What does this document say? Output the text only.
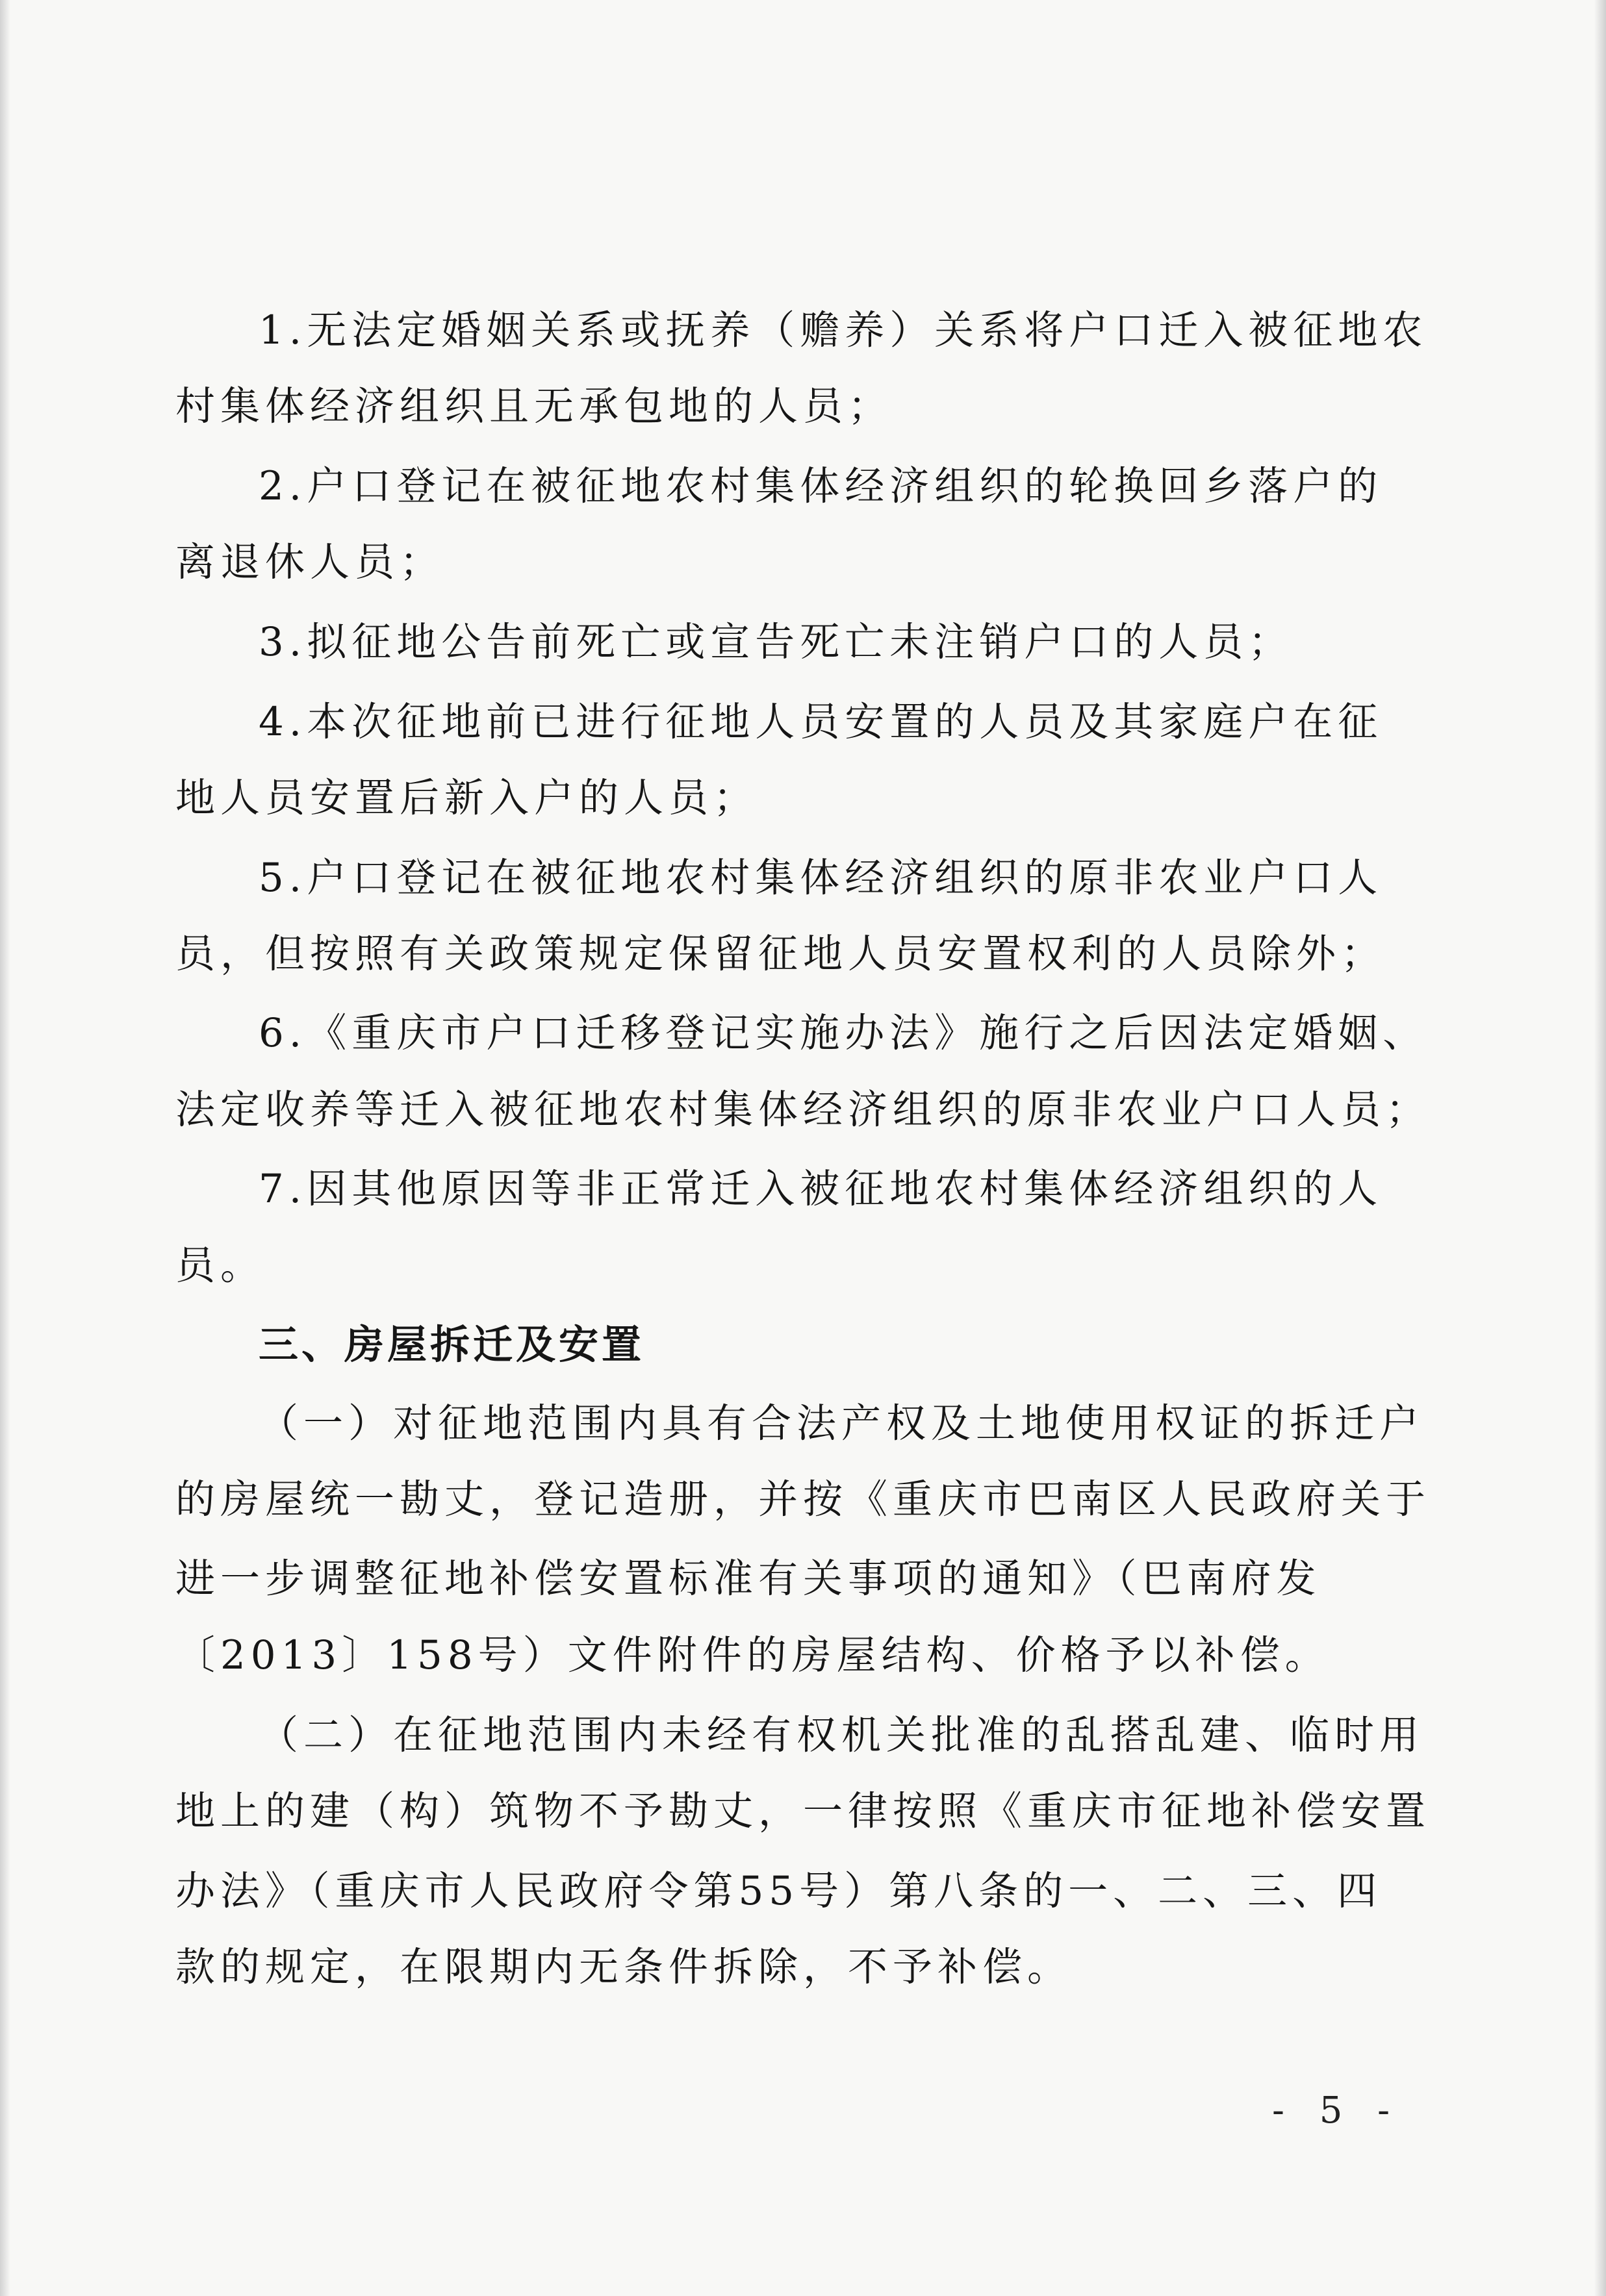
1.无法定婚姻关系或抚养（赡养）关系将户口迁入被征地农
村集体经济组织且无承包地的人员；
2.户口登记在被征地农村集体经济组织的轮换回乡落户的
离退休人员；
3.拟征地公告前死亡或宣告死亡未注销户口的人员；
4.本次征地前已进行征地人员安置的人员及其家庭户在征
地人员安置后新入户的人员；
5.户口登记在被征地农村集体经济组织的原非农业户口人
员，但按照有关政策规定保留征地人员安置权利的人员除外；
6.《重庆市户口迁移登记实施办法》施行之后因法定婚姻、
法定收养等迁入被征地农村集体经济组织的原非农业户口人员；
7.因其他原因等非正常迁入被征地农村集体经济组织的人
员。
三、房屋拆迁及安置
（一）对征地范围内具有合法产权及土地使用权证的拆迁户
的房屋统一勘丈，登记造册，并按《重庆市巴南区人民政府关于
进一步调整征地补偿安置标准有关事项的通知》（巴南府发
〔2013〕158号）文件附件的房屋结构、价格予以补偿。
（二）在征地范围内未经有权机关批准的乱搭乱建、临时用
地上的建（构）筑物不予勘丈，一律按照《重庆市征地补偿安置
办法》（重庆市人民政府令第55号）第八条的一、二、三、四
款的规定，在限期内无条件拆除，不予补偿。
- 5 -
